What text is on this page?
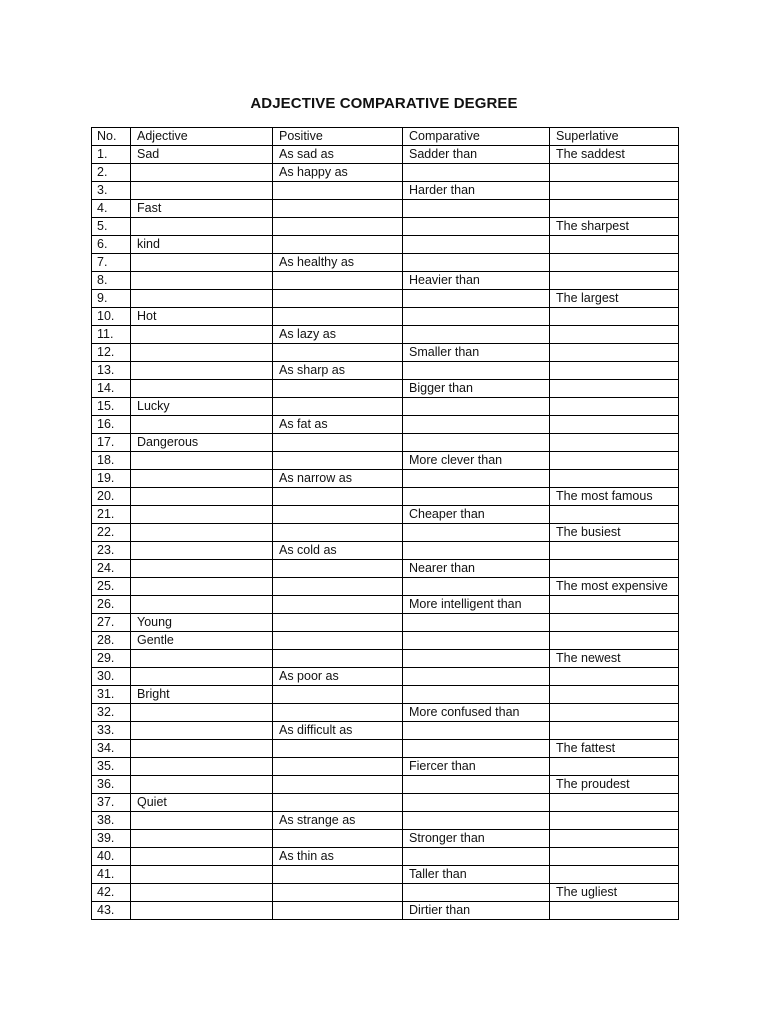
ADJECTIVE COMPARATIVE DEGREE
No.	Adjective	Positive	Comparative	Superlative
1.	Sad	As sad as	Sadder than	The saddest
2.		As happy as		
3.			Harder than	
4.	Fast			
5.				The sharpest
6.	kind			
7.		As healthy as		
8.			Heavier than	
9.				The largest
10.	Hot			
11.		As lazy as		
12.			Smaller than	
13.		As sharp as		
14.			Bigger than	
15.	Lucky			
16.		As fat as		
17.	Dangerous			
18.			More clever than	
19.		As narrow as		
20.				The most famous
21.			Cheaper than	
22.				The busiest
23.		As cold as		
24.			Nearer than	
25.				The most expensive
26.			More intelligent than	
27.	Young			
28.	Gentle			
29.				The newest
30.		As poor as		
31.	Bright			
32.			More confused than	
33.		As difficult as		
34.				The fattest
35.			Fiercer than	
36.				The proudest
37.	Quiet			
38.		As strange as		
39.			Stronger than	
40.		As thin as		
41.			Taller than	
42.				The ugliest
43.			Dirtier than	
